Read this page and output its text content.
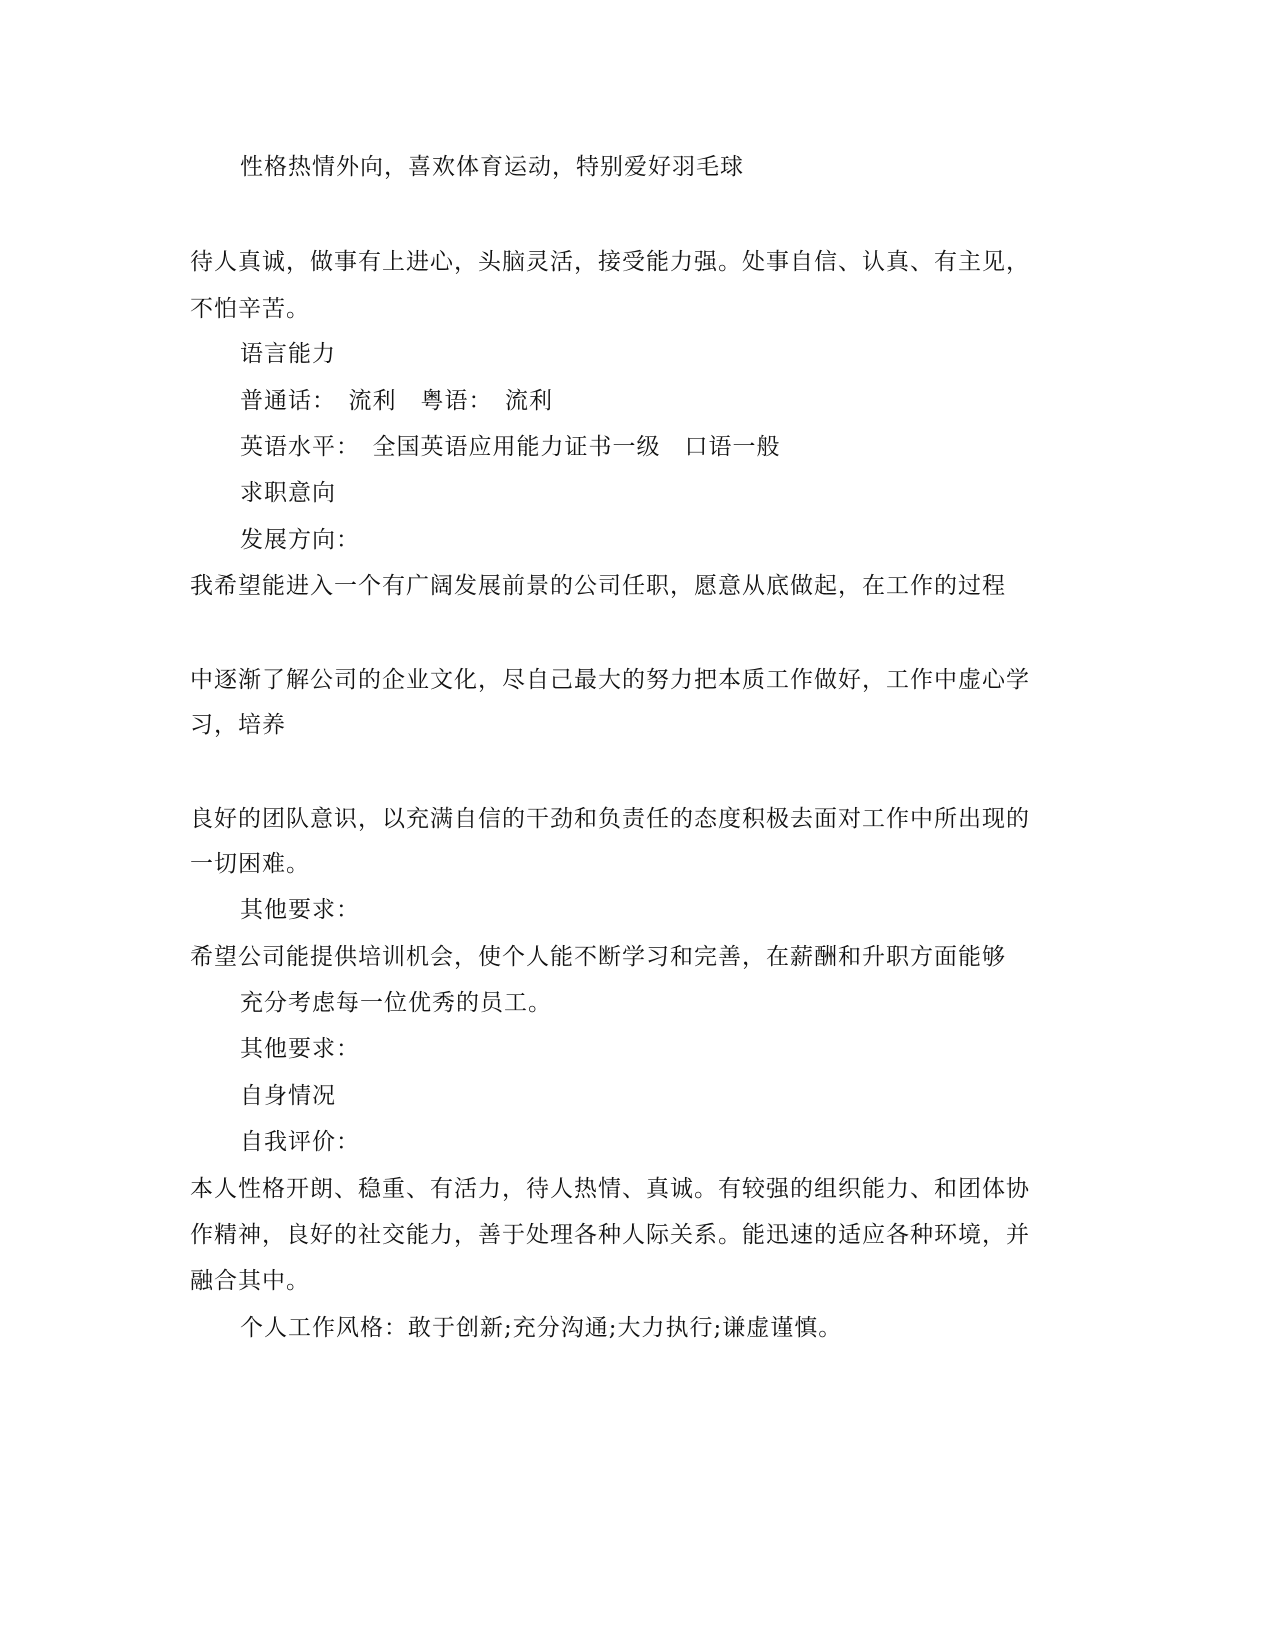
性格热情外向，喜欢体育运动，特别爱好羽毛球
待人真诚，做事有上进心，头脑灵活，接受能力强。处事自信、认真、有主见，
不怕辛苦。
语言能力
普通话：　流利　粤语：　流利
英语水平：　全国英语应用能力证书一级　口语一般
求职意向
发展方向：
我希望能进入一个有广阔发展前景的公司任职，愿意从底做起，在工作的过程
中逐渐了解公司的企业文化，尽自己最大的努力把本质工作做好，工作中虚心学
习，培养
良好的团队意识，以充满自信的干劲和负责任的态度积极去面对工作中所出现的
一切困难。
其他要求：
希望公司能提供培训机会，使个人能不断学习和完善，在薪酬和升职方面能够
充分考虑每一位优秀的员工。
其他要求：
自身情况
自我评价：
本人性格开朗、稳重、有活力，待人热情、真诚。有较强的组织能力、和团体协
作精神，良好的社交能力，善于处理各种人际关系。能迅速的适应各种环境，并
融合其中。
个人工作风格：敢于创新;充分沟通;大力执行;谦虚谨慎。
